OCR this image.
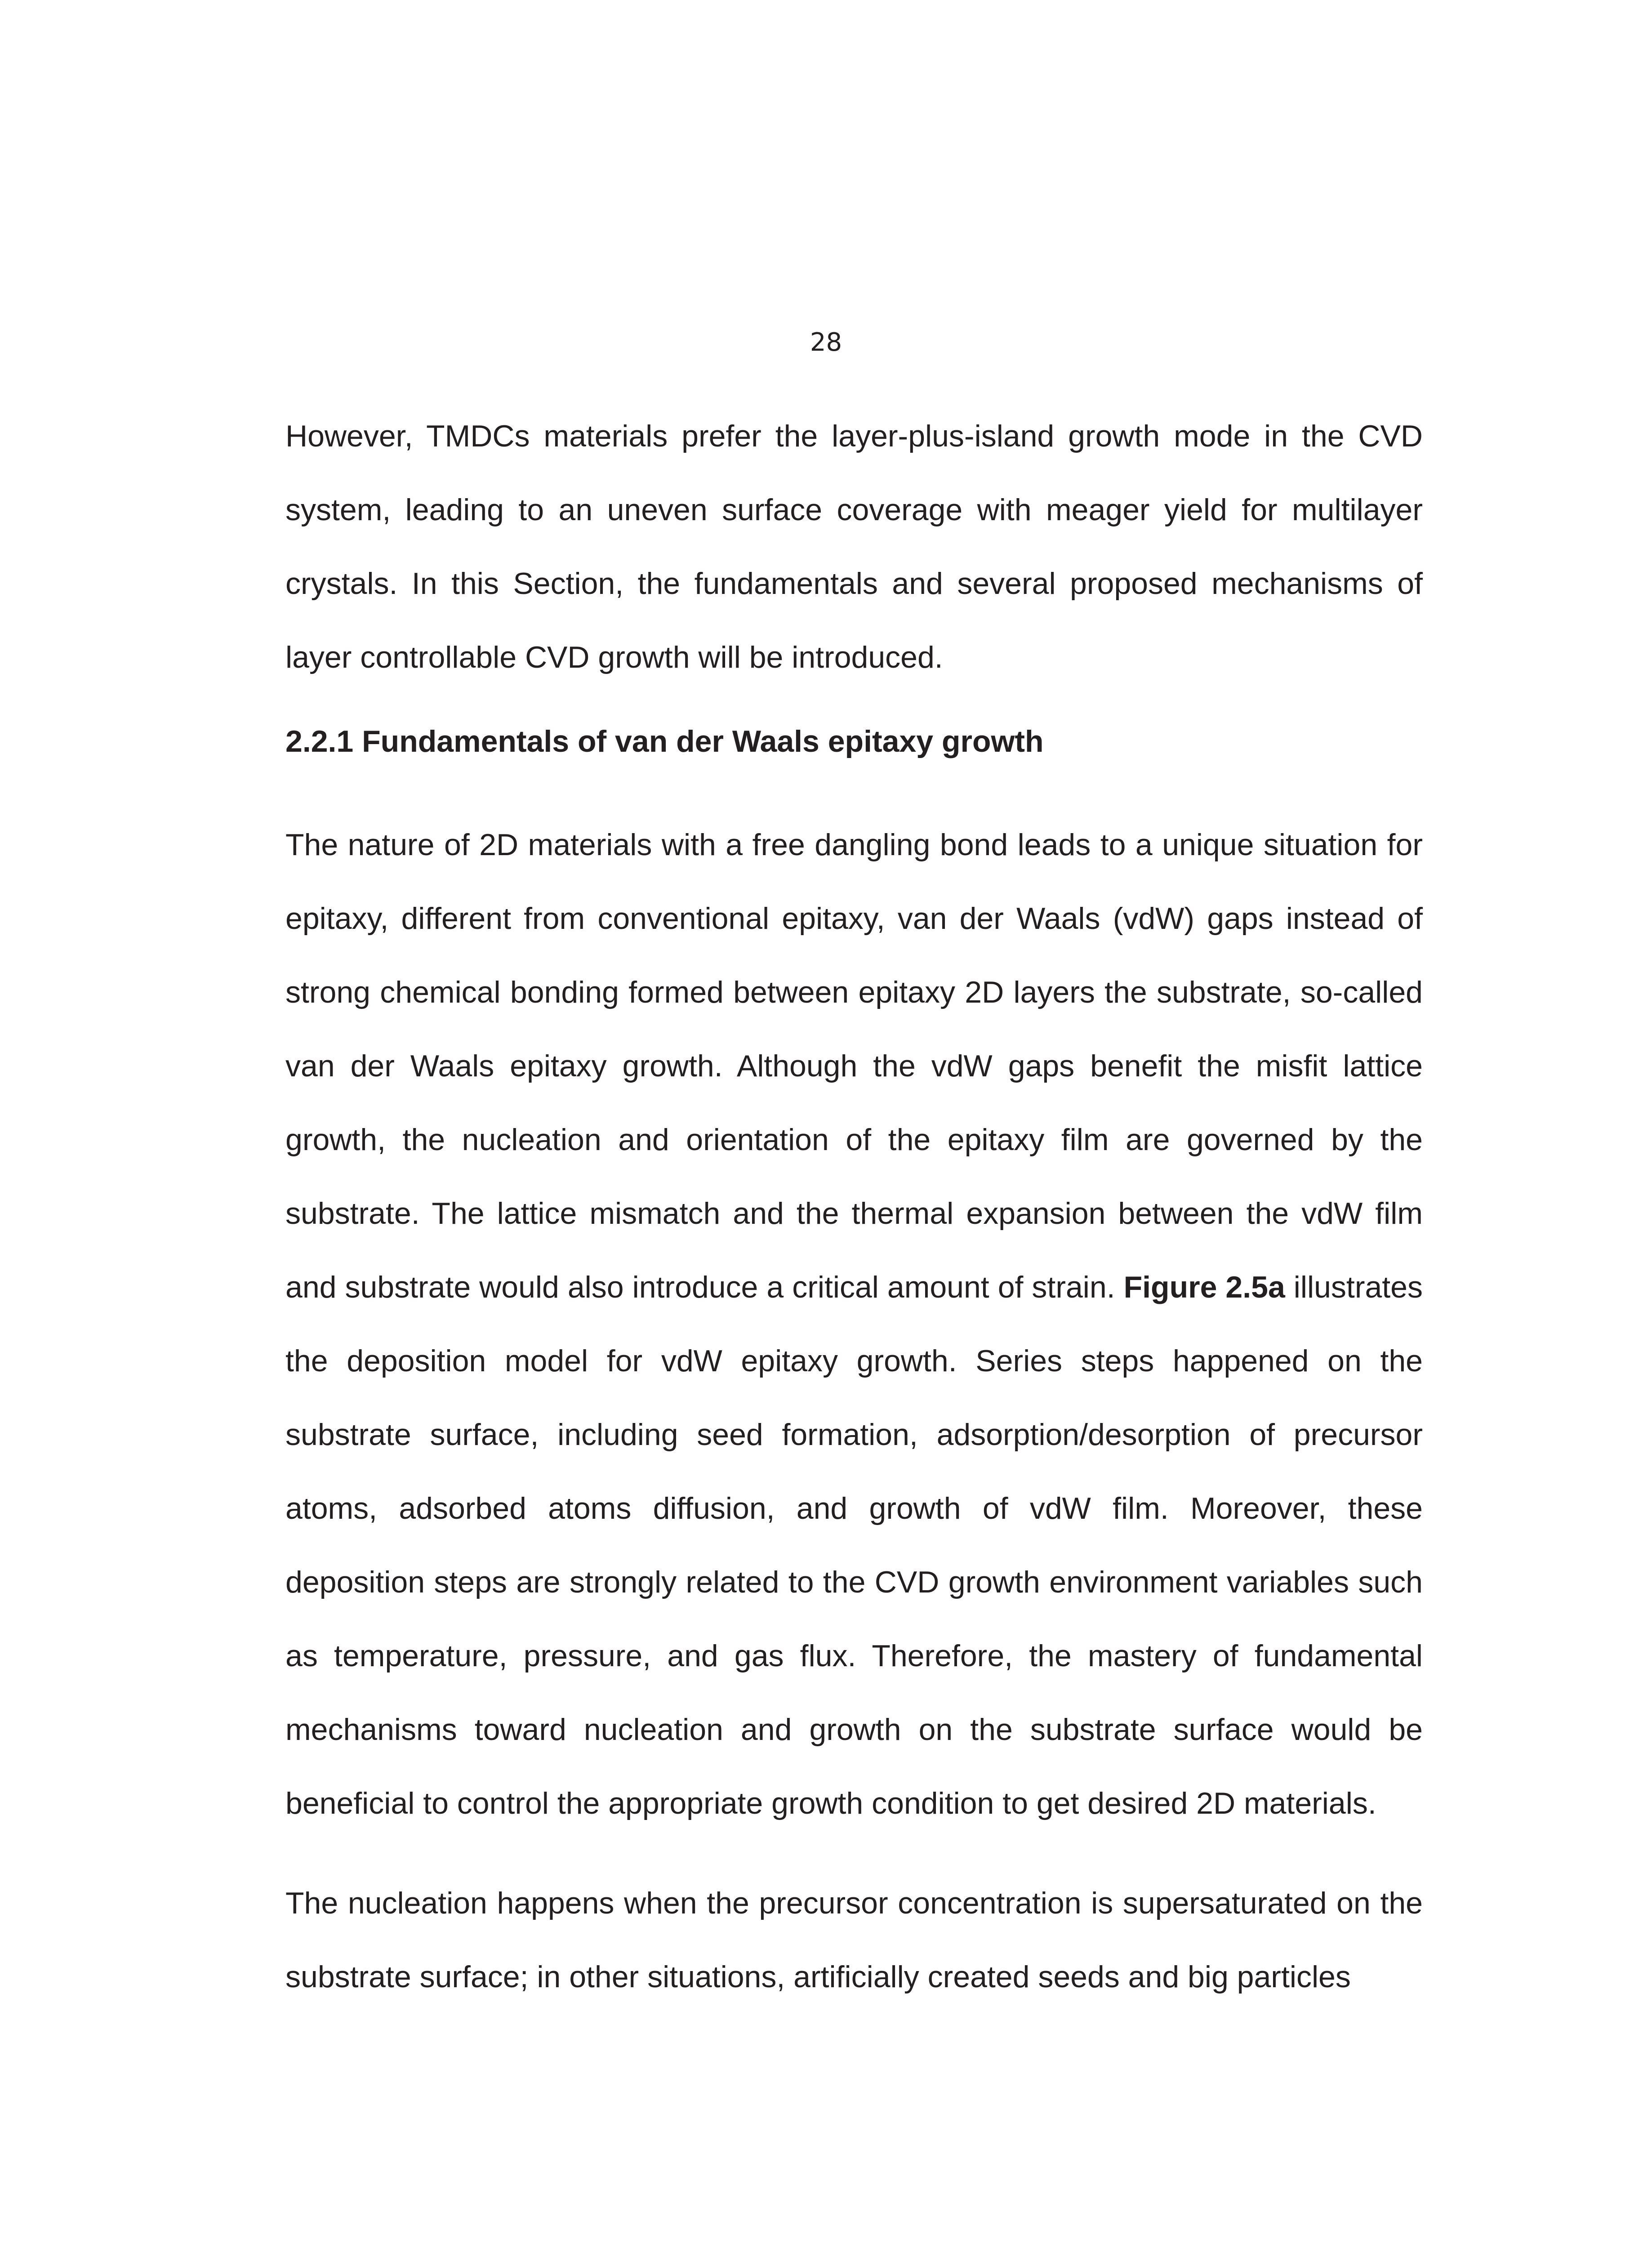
28

However, TMDCs materials prefer the layer-plus-island growth mode in the CVD system, leading to an uneven surface coverage with meager yield for multilayer crystals. In this Section, the fundamentals and several proposed mechanisms of layer controllable CVD growth will be introduced.

2.2.1 Fundamentals of van der Waals epitaxy growth

The nature of 2D materials with a free dangling bond leads to a unique situation for epitaxy, different from conventional epitaxy, van der Waals (vdW) gaps instead of strong chemical bonding formed between epitaxy 2D layers the substrate, so-called van der Waals epitaxy growth. Although the vdW gaps benefit the misfit lattice growth, the nucleation and orientation of the epitaxy film are governed by the substrate. The lattice mismatch and the thermal expansion between the vdW film and substrate would also introduce a critical amount of strain. Figure 2.5a illustrates the deposition model for vdW epitaxy growth. Series steps happened on the substrate surface, including seed formation, adsorption/desorption of precursor atoms, adsorbed atoms diffusion, and growth of vdW film. Moreover, these deposition steps are strongly related to the CVD growth environment variables such as temperature, pressure, and gas flux. Therefore, the mastery of fundamental mechanisms toward nucleation and growth on the substrate surface would be beneficial to control the appropriate growth condition to get desired 2D materials.

The nucleation happens when the precursor concentration is supersaturated on the substrate surface; in other situations, artificially created seeds and big particles
